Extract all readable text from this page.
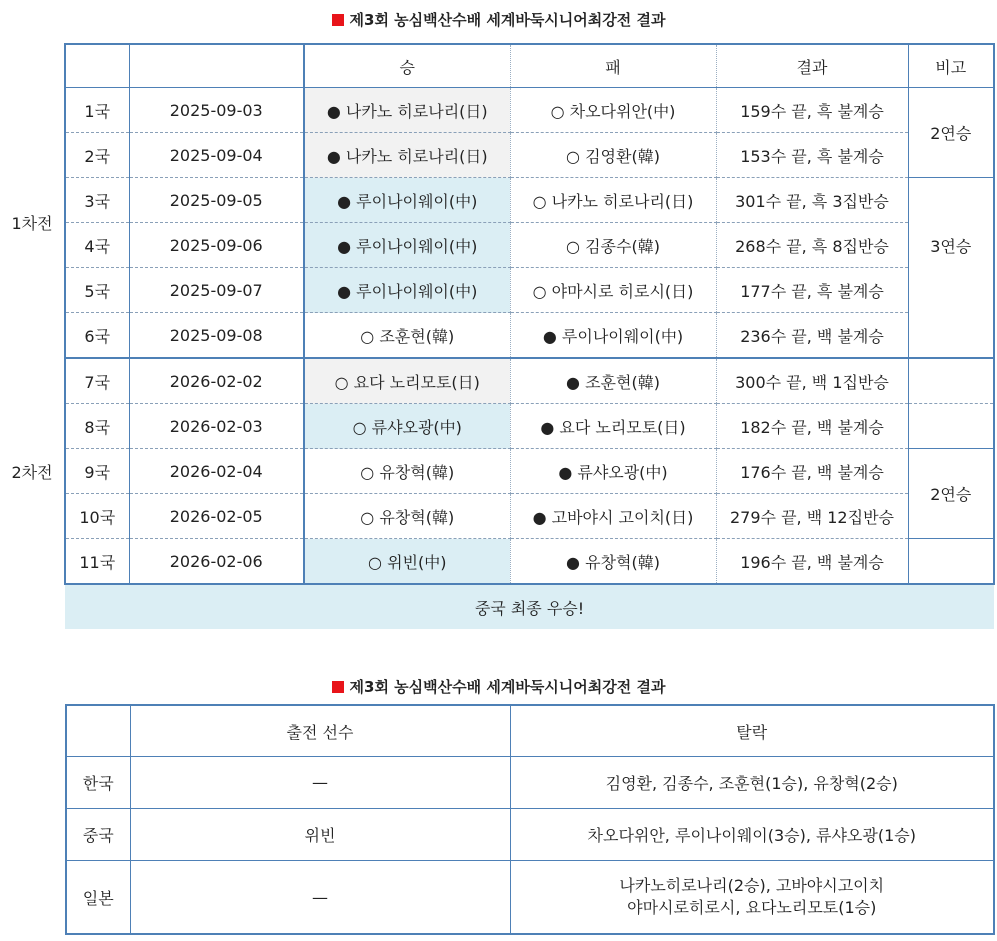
제3회 농심백산수배 세계바둑시니어최강전 결과
			승	패	결과	비고
1차전	1국	2025-09-03	● 나카노 히로나리(日)	○ 차오다위안(中)	159수 끝, 흑 불계승	2연승
	2국	2025-09-04	● 나카노 히로나리(日)	○ 김영환(韓)	153수 끝, 흑 불계승	
	3국	2025-09-05	● 루이나이웨이(中)	○ 나카노 히로나리(日)	301수 끝, 흑 3집반승	3연승
	4국	2025-09-06	● 루이나이웨이(中)	○ 김종수(韓)	268수 끝, 흑 8집반승	
	5국	2025-09-07	● 루이나이웨이(中)	○ 야마시로 히로시(日)	177수 끝, 흑 불계승	
	6국	2025-09-08	○ 조훈현(韓)	● 루이나이웨이(中)	236수 끝, 백 불계승	
2차전	7국	2026-02-02	○ 요다 노리모토(日)	● 조훈현(韓)	300수 끝, 백 1집반승	
	8국	2026-02-03	○ 류샤오광(中)	● 요다 노리모토(日)	182수 끝, 백 불계승	
	9국	2026-02-04	○ 유창혁(韓)	● 류샤오광(中)	176수 끝, 백 불계승	2연승
	10국	2026-02-05	○ 유창혁(韓)	● 고바야시 고이치(日)	279수 끝, 백 12집반승	
	11국	2026-02-06	○ 위빈(中)	● 유창혁(韓)	196수 끝, 백 불계승	
	중국 최종 우승!					
제3회 농심백산수배 세계바둑시니어최강전 결과
	출전 선수	탈락
한국	—	김영환, 김종수, 조훈현(1승), 유창혁(2승)
중국	위빈	차오다위안, 루이나이웨이(3승), 류샤오광(1승)
일본	—	나카노히로나리(2승), 고바야시고이치
야마시로히로시, 요다노리모토(1승)
